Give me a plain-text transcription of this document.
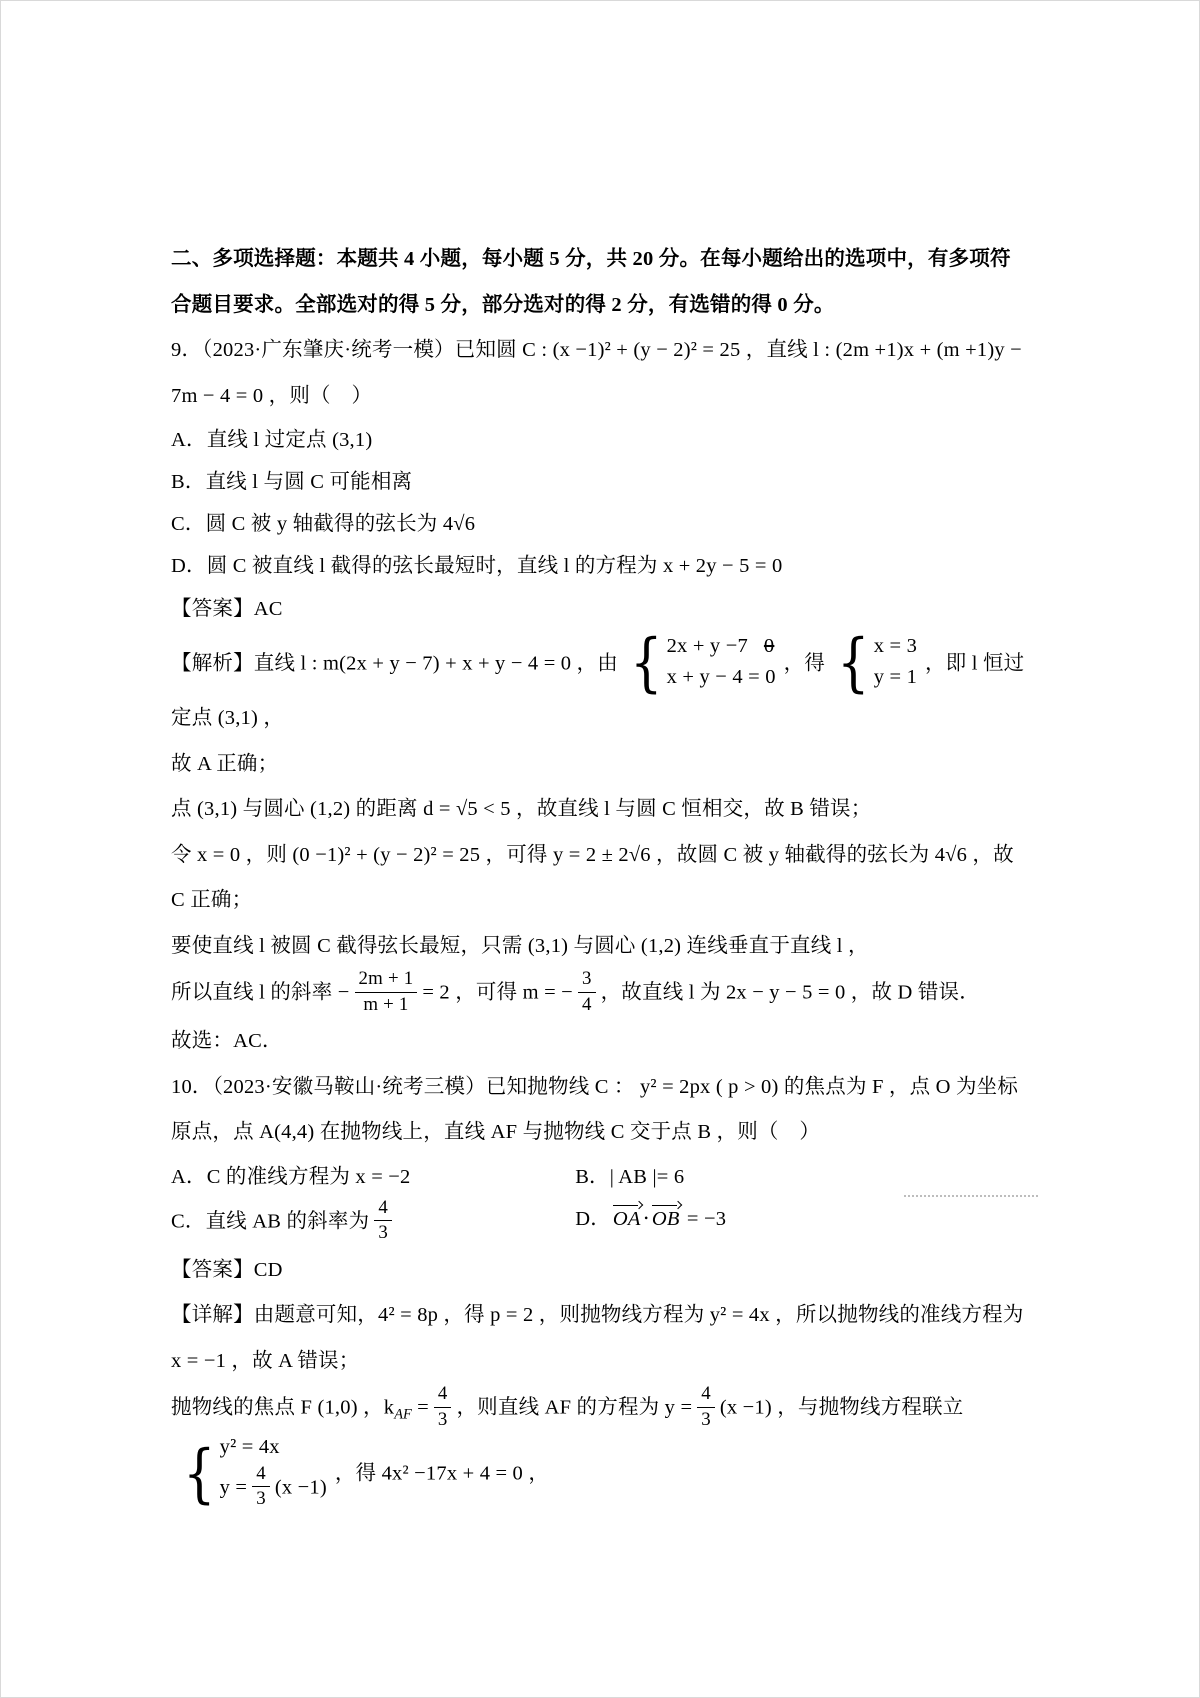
二、多项选择题：本题共 4 小题，每小题 5 分，共 20 分。在每小题给出的选项中，有多项符合题目要求。全部选对的得 5 分，部分选对的得 2 分，有选错的得 0 分。

9．（2023·广东肇庆·统考一模）已知圆 C : (x −1)² + (y − 2)² = 25 ，直线 l : (2m +1)x + (m +1)y − 7m − 4 = 0 ，则（　）

A．直线 l 过定点 (3,1)

B．直线 l 与圆 C 可能相离

C．圆 C 被 y 轴截得的弦长为 4√6

D．圆 C 被直线 l 截得的弦长最短时，直线 l 的方程为 x + 2y − 5 = 0

【答案】AC

【解析】直线 l : m(2x + y − 7) + x + y − 4 = 0 ，由 { 2x + y −7 0
x + y − 4 = 0
，得 { x = 3
y = 1
，即 l 恒过定点 (3,1) ，

故 A 正确；

点 (3,1) 与圆心 (1,2) 的距离 d = √5 < 5 ，故直线 l 与圆 C 恒相交，故 B 错误；

令 x = 0 ，则 (0 −1)² + (y − 2)² = 25 ，可得 y = 2 ± 2√6 ，故圆 C 被 y 轴截得的弦长为 4√6 ，故 C 正确；

要使直线 l 被圆 C 截得弦长最短，只需 (3,1) 与圆心 (1,2) 连线垂直于直线 l ，

所以直线 l 的斜率 − $\frac{2m + 1}{m + 1} = 2$ ，可得 m = − $\frac{3}{4}$ ，故直线 l 为 2x − y − 5 = 0 ，故 D 错误．

故选：AC．

10．（2023·安徽马鞍山·统考三模）已知抛物线 C ： y² = 2px ( p > 0) 的焦点为 F ，点 O 为坐标原点，点 A(4,4) 在抛物线上，直线 AF 与抛物线 C 交于点 B ，则（　）

A．C 的准线方程为 x = −2	B．| AB |= 6
C．直线 AB 的斜率为 $\frac{4}{3}$	D．OA⋅OB = −3

【答案】CD

【详解】由题意可知，4² = 8p ，得 p = 2 ，则抛物线方程为 y² = 4x ，所以抛物线的准线方程为 x = −1 ，故 A 错误；

抛物线的焦点 F (1,0) ，$k_{AF} = \frac{4}{3}$ ，则直线 AF 的方程为 $y = \frac{4}{3} (x -1)$ ，与抛物线方程联立

{ y² = 4x
$y = \frac{4}{3} (x -1)$
，得 4x² −17x + 4 = 0 ，
